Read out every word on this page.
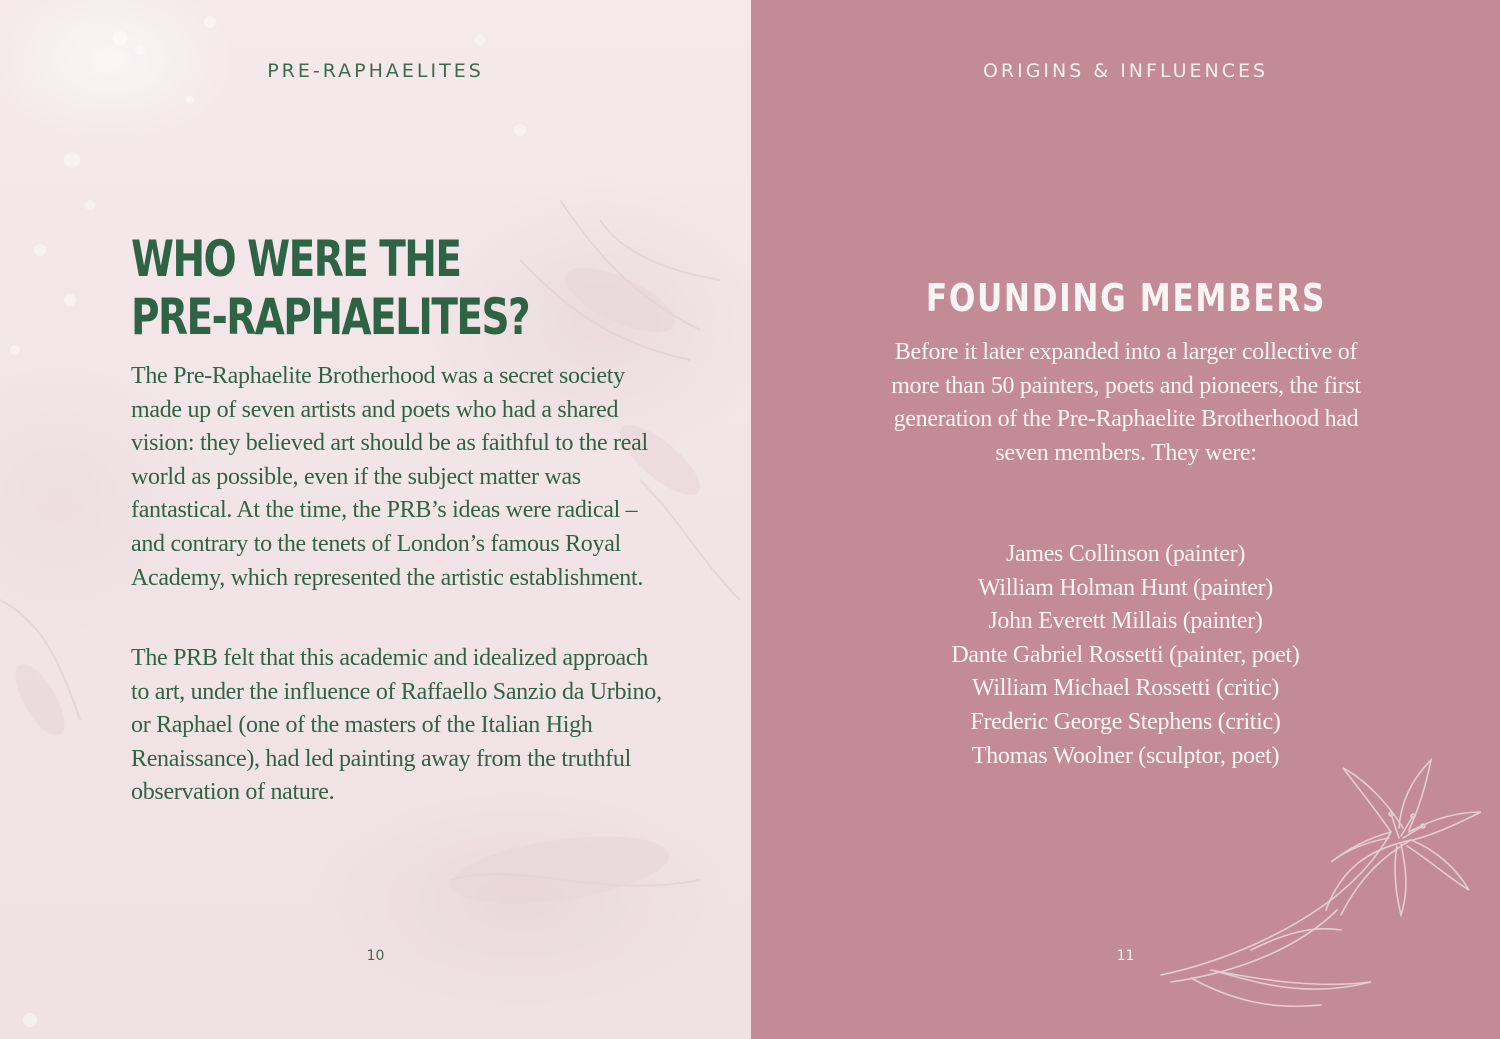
PRE-RAPHAELITES
WHO WERE THE
PRE-RAPHAELITES?

The Pre-Raphaelite Brotherhood was a secret society made up of seven artists and poets who had a shared vision: they believed art should be as faithful to the real world as possible, even if the subject matter was fantastical. At the time, the PRB’s ideas were radical – and contrary to the tenets of London’s famous Royal Academy, which represented the artistic establishment.

The PRB felt that this academic and idealized approach to art, under the influence of Raffaello Sanzio da Urbino, or Raphael (one of the masters of the Italian High Renaissance), had led painting away from the truthful observation of nature.

10
ORIGINS & INFLUENCES
FOUNDING MEMBERS

Before it later expanded into a larger collective of more than 50 painters, poets and pioneers, the first generation of the Pre-Raphaelite Brotherhood had seven members. They were:

James Collinson (painter)
William Holman Hunt (painter)
John Everett Millais (painter)
Dante Gabriel Rossetti (painter, poet)
William Michael Rossetti (critic)
Frederic George Stephens (critic)
Thomas Woolner (sculptor, poet)
11
